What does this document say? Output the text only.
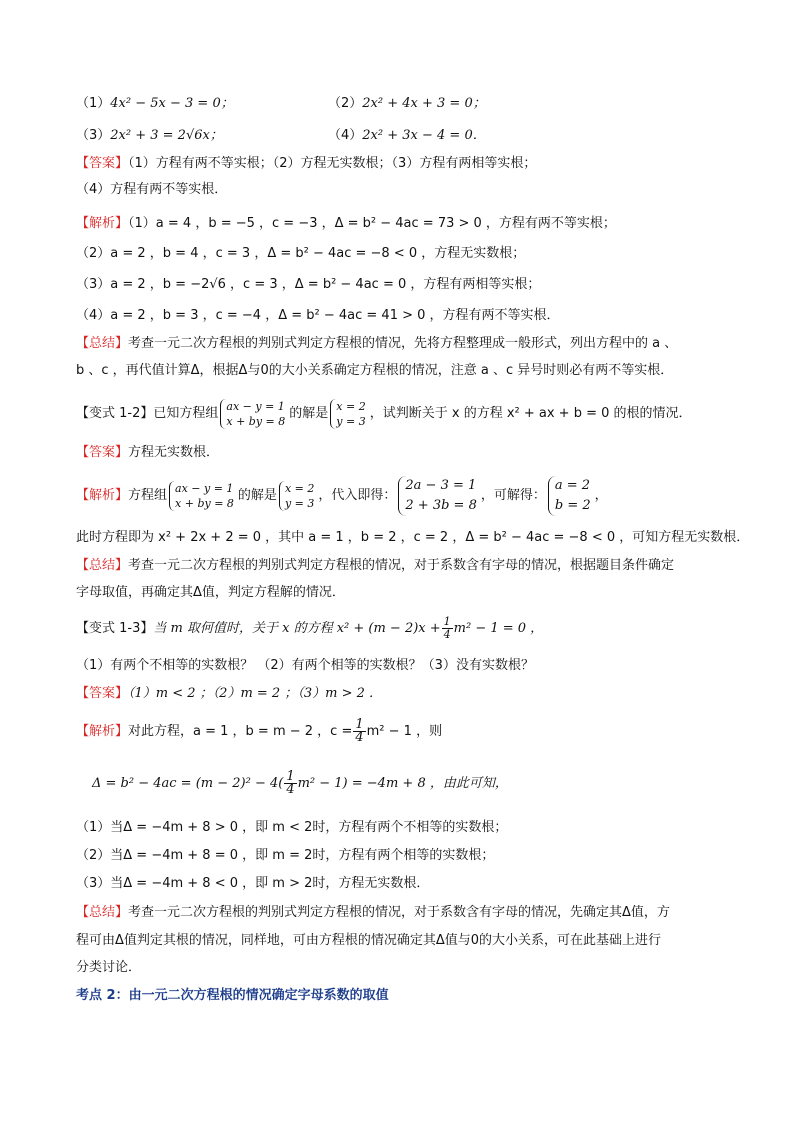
（1）4x² − 5x − 3 = 0；	（2）2x² + 4x + 3 = 0；
（3）2x² + 3 = 2√6x；	（4）2x² + 3x − 4 = 0．
【答案】（1）方程有两不等实根；（2）方程无实数根；（3）方程有两相等实根；
（4）方程有两不等实根．
【解析】（1）a = 4 ，b = −5 ，c = −3 ，Δ = b² − 4ac = 73 > 0 ，方程有两不等实根；
（2）a = 2 ，b = 4 ，c = 3 ，Δ = b² − 4ac = −8 < 0 ，方程无实数根；
（3）a = 2 ，b = −2√6 ，c = 3 ，Δ = b² − 4ac = 0 ，方程有两相等实根；
（4）a = 2 ，b = 3 ，c = −4 ，Δ = b² − 4ac = 41 > 0 ，方程有两不等实根．
【总结】考查一元二次方程根的判别式判定方程根的情况，先将方程整理成一般形式，列出方程中的 a 、
b 、c ，再代值计算Δ，根据Δ与0的大小关系确定方程根的情况，注意 a 、c 异号时则必有两不等实根．
【变式 1-2】已知方程组 ax − y = 1
x + by = 8 的解是 x = 2
y = 3 ，试判断关于 x 的方程 x² + ax + b = 0 的根的情况．
【答案】方程无实数根．
【解析】方程组 ax − y = 1
x + by = 8 的解是 x = 2
y = 3 ，代入即得：
2a − 3 = 1
2 + 3b = 8
，可解得：
a = 2
b = 2
，
此时方程即为 x² + 2x + 2 = 0 ，其中 a = 1 ，b = 2 ，c = 2 ，Δ = b² − 4ac = −8 < 0 ，可知方程无实数根．
【总结】考查一元二次方程根的判别式判定方程根的情况，对于系数含有字母的情况，根据题目条件确定
字母取值，再确定其Δ值，判定方程解的情况．
【变式 1-3】当 m 取何值时，关于 x 的方程 $x^2 + (m - 2)x + \frac{1}{4} m^2 - 1 = 0$ ，
（1）有两个不相等的实数根？ （2）有两个相等的实数根？（3）没有实数根？
【答案】（1）m < 2 ；（2）m = 2 ；（3）m > 2 ．
【解析】对此方程，a = 1 ，b = m − 2 ，$c = \frac{1}{4} m^2 - 1$ ，则
$\Delta = b^2 - 4ac = (m - 2)^2 - 4( \frac{1}{4} m^2 - 1) = -4m + 8$ ，由此可知，
（1）当Δ = −4m + 8 > 0 ，即 m < 2时，方程有两个不相等的实数根；
（2）当Δ = −4m + 8 = 0 ，即 m = 2时，方程有两个相等的实数根；
（3）当Δ = −4m + 8 < 0 ，即 m > 2时，方程无实数根．
【总结】考查一元二次方程根的判别式判定方程根的情况，对于系数含有字母的情况，先确定其Δ值，方
程可由Δ值判定其根的情况，同样地，可由方程根的情况确定其Δ值与0的大小关系，可在此基础上进行
分类讨论．
考点 2：由一元二次方程根的情况确定字母系数的取值
